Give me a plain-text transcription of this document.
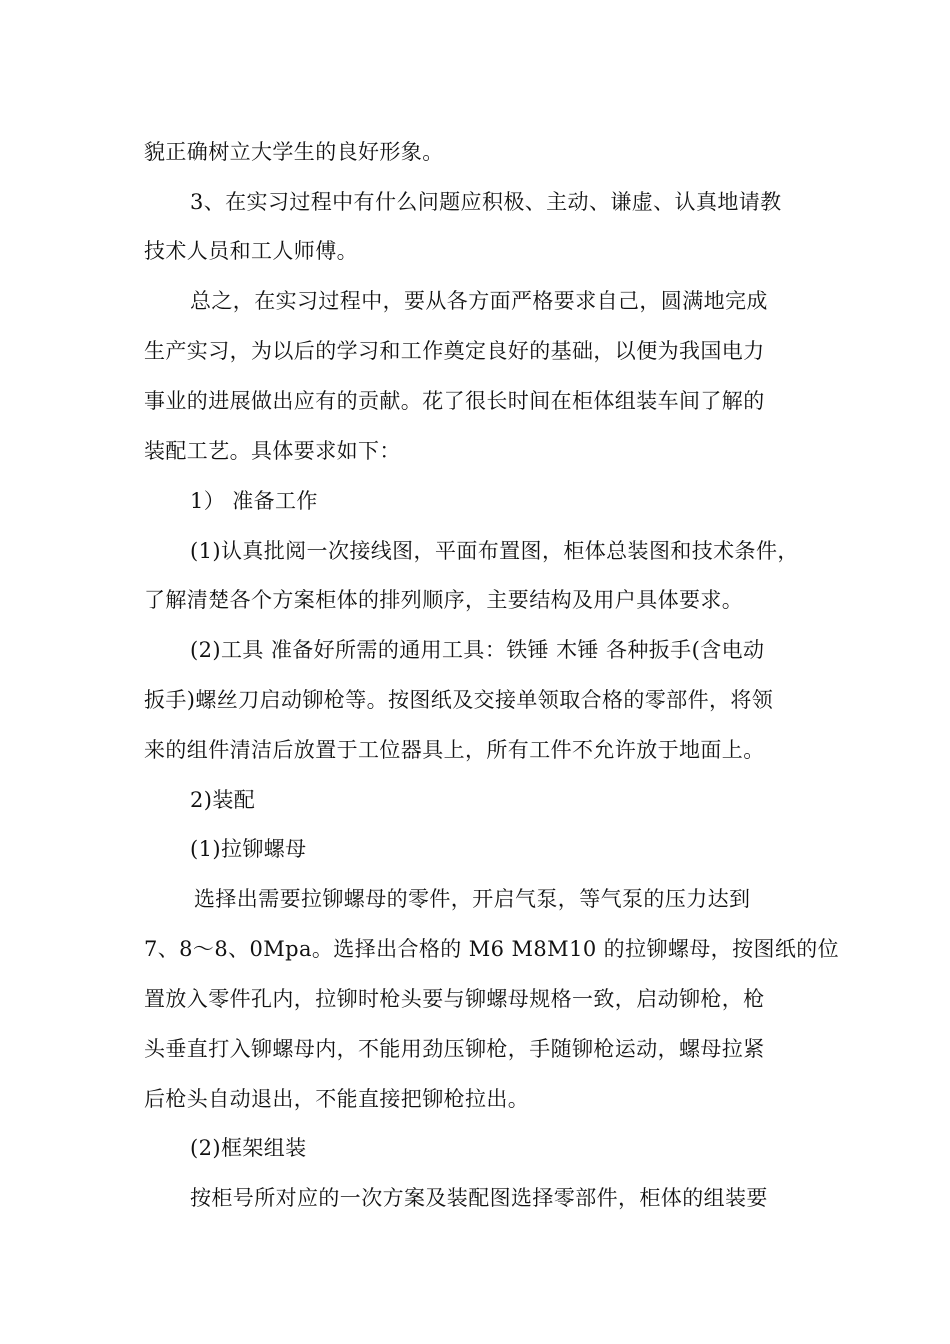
貌正确树立大学生的良好形象。
3、在实习过程中有什么问题应积极、主动、谦虚、认真地请教
技术人员和工人师傅。
总之，在实习过程中，要从各方面严格要求自己，圆满地完成
生产实习，为以后的学习和工作奠定良好的基础，以便为我国电力
事业的进展做出应有的贡献。花了很长时间在柜体组装车间了解的
装配工艺。具体要求如下：
1） 准备工作
(1)认真批阅一次接线图，平面布置图，柜体总装图和技术条件，
了解清楚各个方案柜体的排列顺序，主要结构及用户具体要求。
(2)工具 准备好所需的通用工具：铁锤 木锤 各种扳手(含电动
扳手)螺丝刀启动铆枪等。按图纸及交接单领取合格的零部件，将领
来的组件清洁后放置于工位器具上，所有工件不允许放于地面上。
2)装配
(1)拉铆螺母
选择出需要拉铆螺母的零件，开启气泵，等气泵的压力达到
7、8～8、0Mpa。选择出合格的 M6 M8M10 的拉铆螺母，按图纸的位
置放入零件孔内，拉铆时枪头要与铆螺母规格一致，启动铆枪，枪
头垂直打入铆螺母内，不能用劲压铆枪，手随铆枪运动，螺母拉紧
后枪头自动退出，不能直接把铆枪拉出。
(2)框架组装
按柜号所对应的一次方案及装配图选择零部件，柜体的组装要
